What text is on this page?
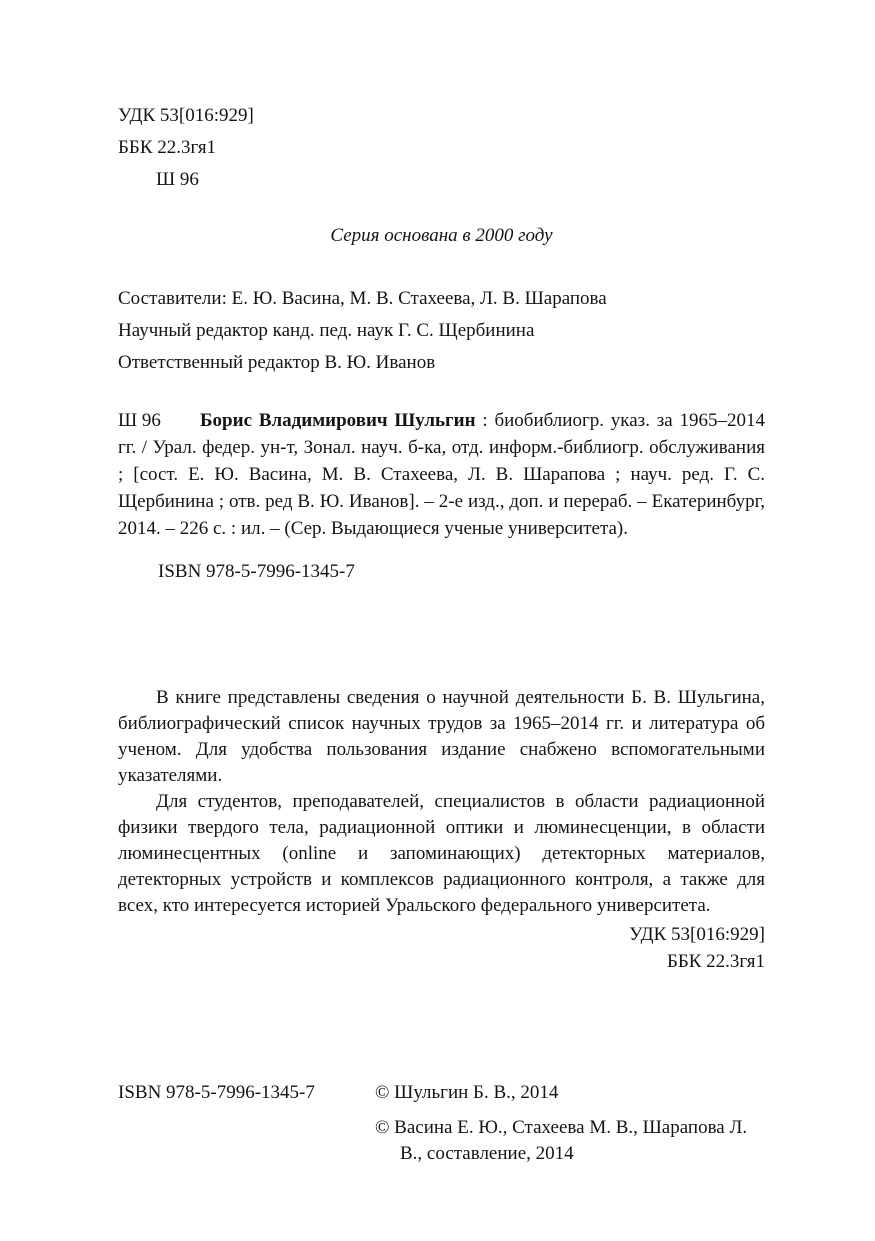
УДК 53[016:929]
ББК 22.3гя1
Ш 96
Серия основана в 2000 году
Составители: Е. Ю. Васина, М. В. Стахеева, Л. В. Шарапова
Научный редактор канд. пед. наук Г. С. Щербинина
Ответственный редактор В. Ю. Иванов

Ш 96 Борис Владимирович Шульгин : биобиблиогр. указ. за 1965–2014 гг. / Урал. федер. ун-т, Зонал. науч. б-ка, отд. информ.-библиогр. обслуживания ; [сост. Е. Ю. Васина, М. В. Стахеева, Л. В. Шарапова ; науч. ред. Г. С. Щербинина ; отв. ред В. Ю. Иванов]. – 2-е изд., доп. и перераб. – Екатеринбург, 2014. – 226 с. : ил. – (Сер. Выдающиеся ученые университета).

ISBN 978-5-7996-1345-7

В книге представлены сведения о научной деятельности Б. В. Шульгина, библиографический список научных трудов за 1965–2014 гг. и литература об ученом. Для удобства пользования издание снабжено вспомогательными указателями.

Для студентов, преподавателей, специалистов в области радиационной физики твердого тела, радиационной оптики и люминесценции, в области люминесцентных (online и запоминающих) детекторных материалов, детекторных устройств и комплексов радиационного контроля, а также для всех, кто интересуется историей Уральского федерального университета.

УДК 53[016:929]
ББК 22.3гя1
ISBN 978-5-7996-1345-7	© Шульгин Б. В., 2014
© Васина Е. Ю., Стахеева М. В., Шарапова Л. В., составление, 2014
